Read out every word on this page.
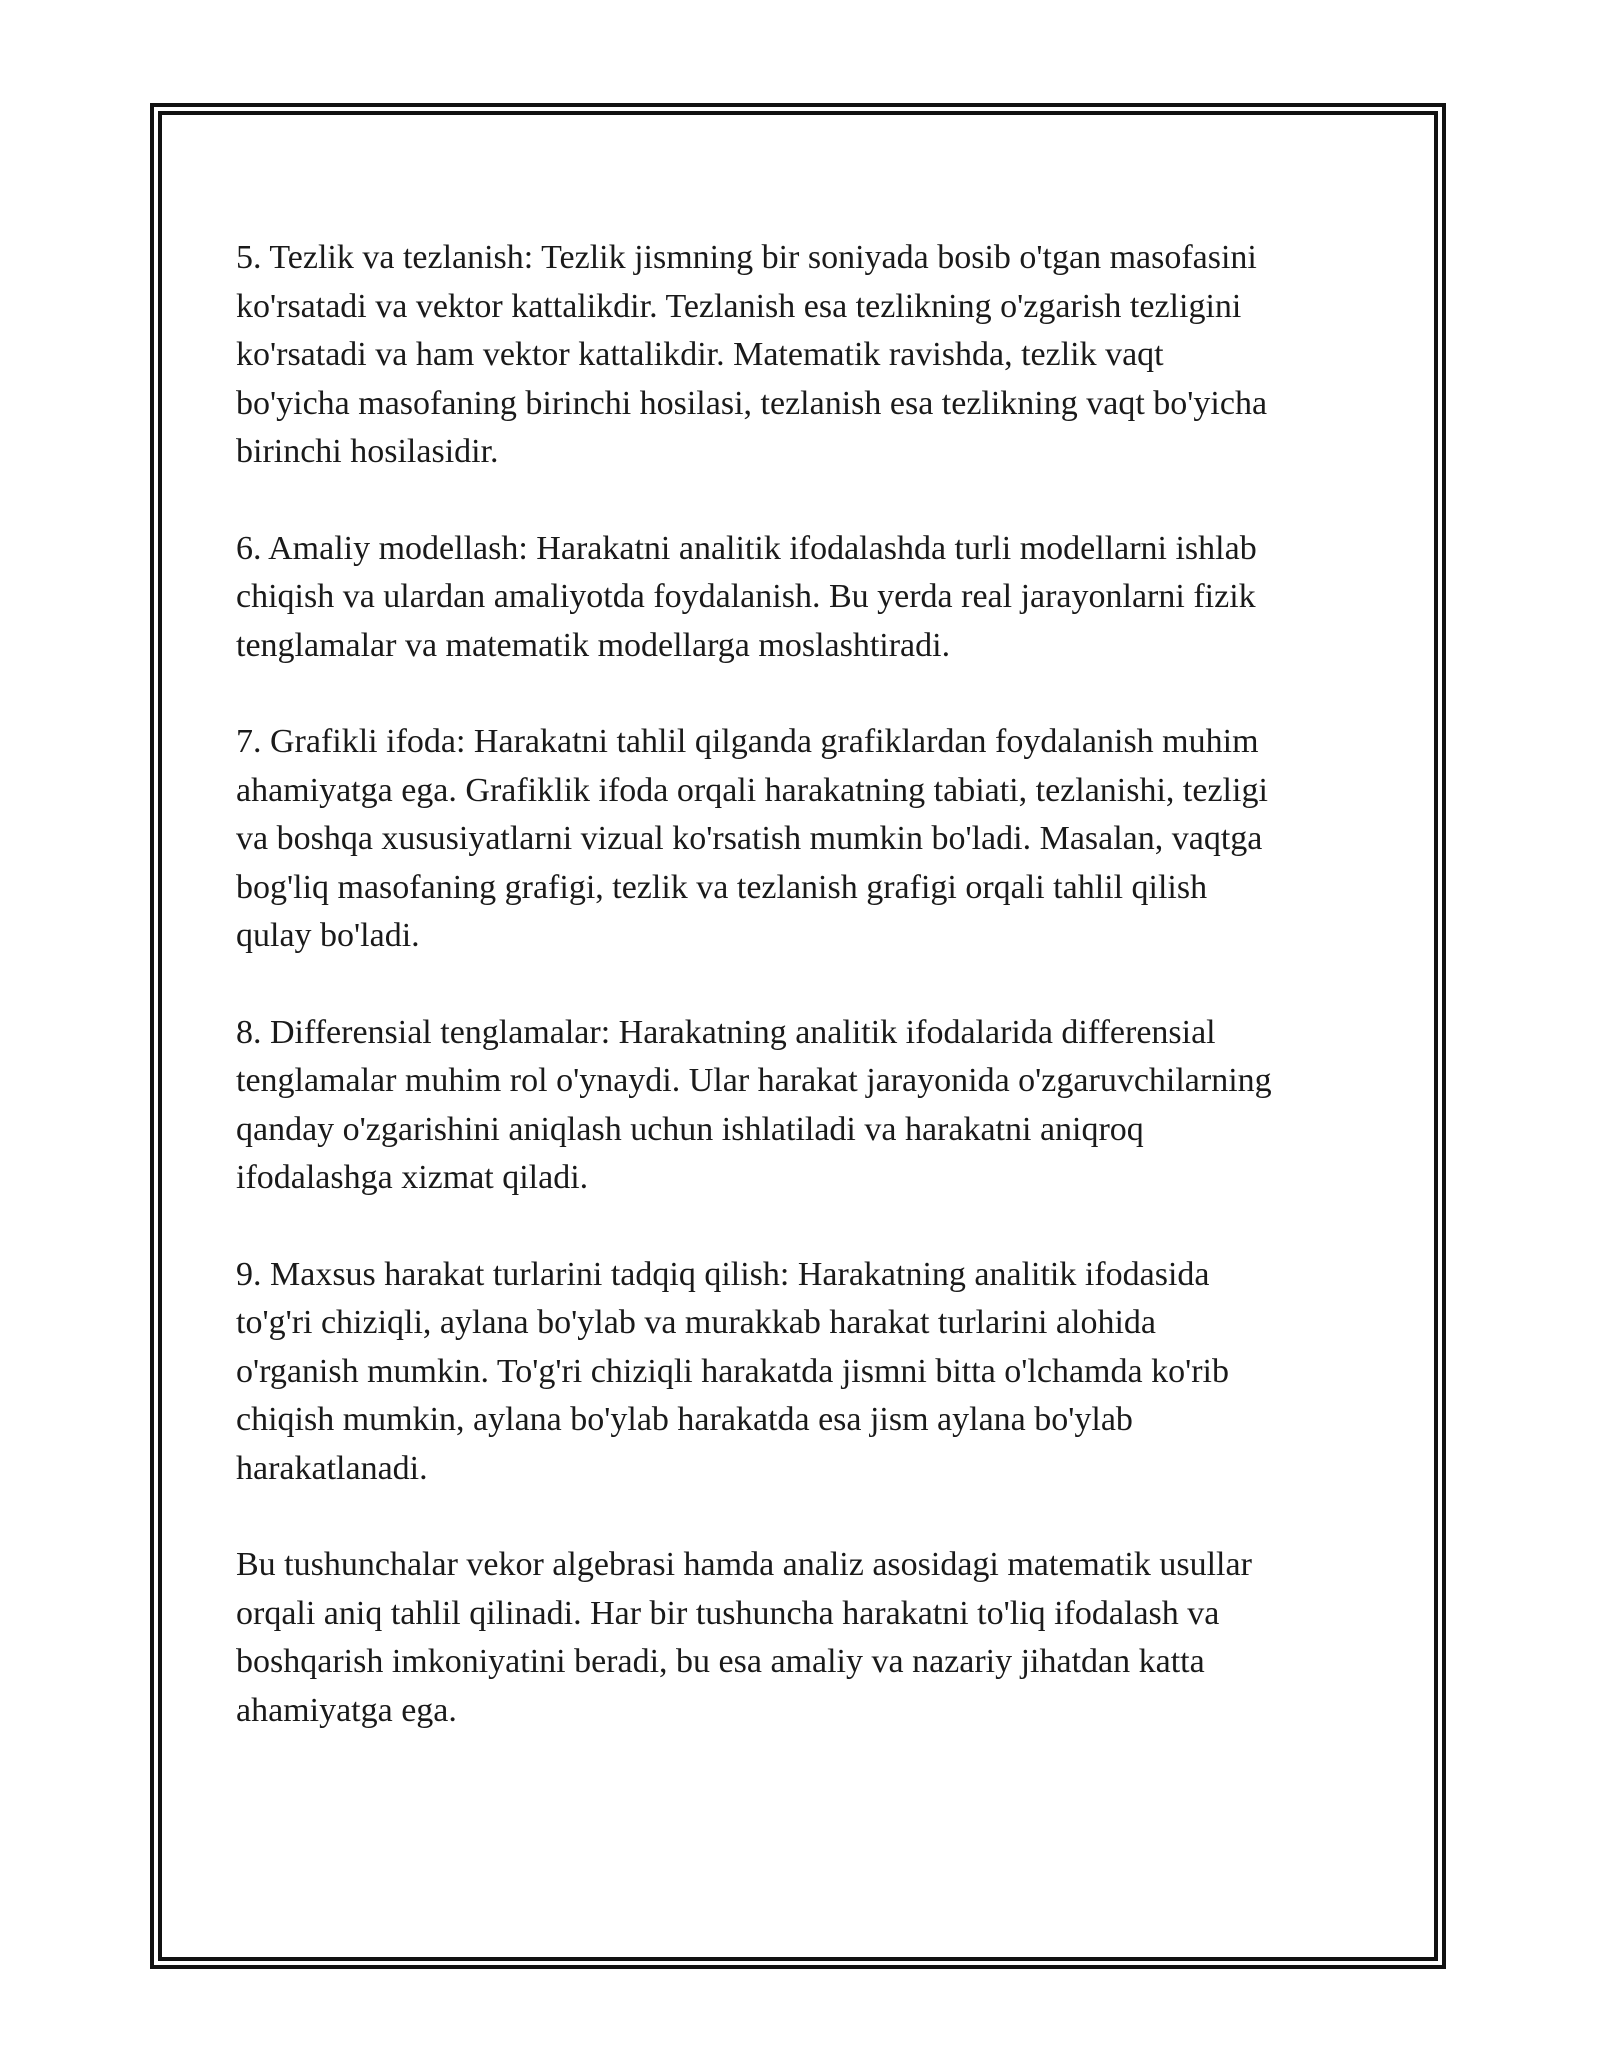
5. Tezlik va tezlanish: Tezlik jismning bir soniyada bosib o'tgan masofasini
ko'rsatadi va vektor kattalikdir. Tezlanish esa tezlikning o'zgarish tezligini
ko'rsatadi va ham vektor kattalikdir. Matematik ravishda, tezlik vaqt
bo'yicha masofaning birinchi hosilasi, tezlanish esa tezlikning vaqt bo'yicha
birinchi hosilasidir.

6. Amaliy modellash: Harakatni analitik ifodalashda turli modellarni ishlab
chiqish va ulardan amaliyotda foydalanish. Bu yerda real jarayonlarni fizik
tenglamalar va matematik modellarga moslashtiradi.

7. Grafikli ifoda: Harakatni tahlil qilganda grafiklardan foydalanish muhim
ahamiyatga ega. Grafiklik ifoda orqali harakatning tabiati, tezlanishi, tezligi
va boshqa xususiyatlarni vizual ko'rsatish mumkin bo'ladi. Masalan, vaqtga
bog'liq masofaning grafigi, tezlik va tezlanish grafigi orqali tahlil qilish
qulay bo'ladi.

8. Differensial tenglamalar: Harakatning analitik ifodalarida differensial
tenglamalar muhim rol o'ynaydi. Ular harakat jarayonida o'zgaruvchilarning
qanday o'zgarishini aniqlash uchun ishlatiladi va harakatni aniqroq
ifodalashga xizmat qiladi.

9. Maxsus harakat turlarini tadqiq qilish: Harakatning analitik ifodasida
to'g'ri chiziqli, aylana bo'ylab va murakkab harakat turlarini alohida
o'rganish mumkin. To'g'ri chiziqli harakatda jismni bitta o'lchamda ko'rib
chiqish mumkin, aylana bo'ylab harakatda esa jism aylana bo'ylab
harakatlanadi.

Bu tushunchalar vekor algebrasi hamda analiz asosidagi matematik usullar
orqali aniq tahlil qilinadi. Har bir tushuncha harakatni to'liq ifodalash va
boshqarish imkoniyatini beradi, bu esa amaliy va nazariy jihatdan katta
ahamiyatga ega.
